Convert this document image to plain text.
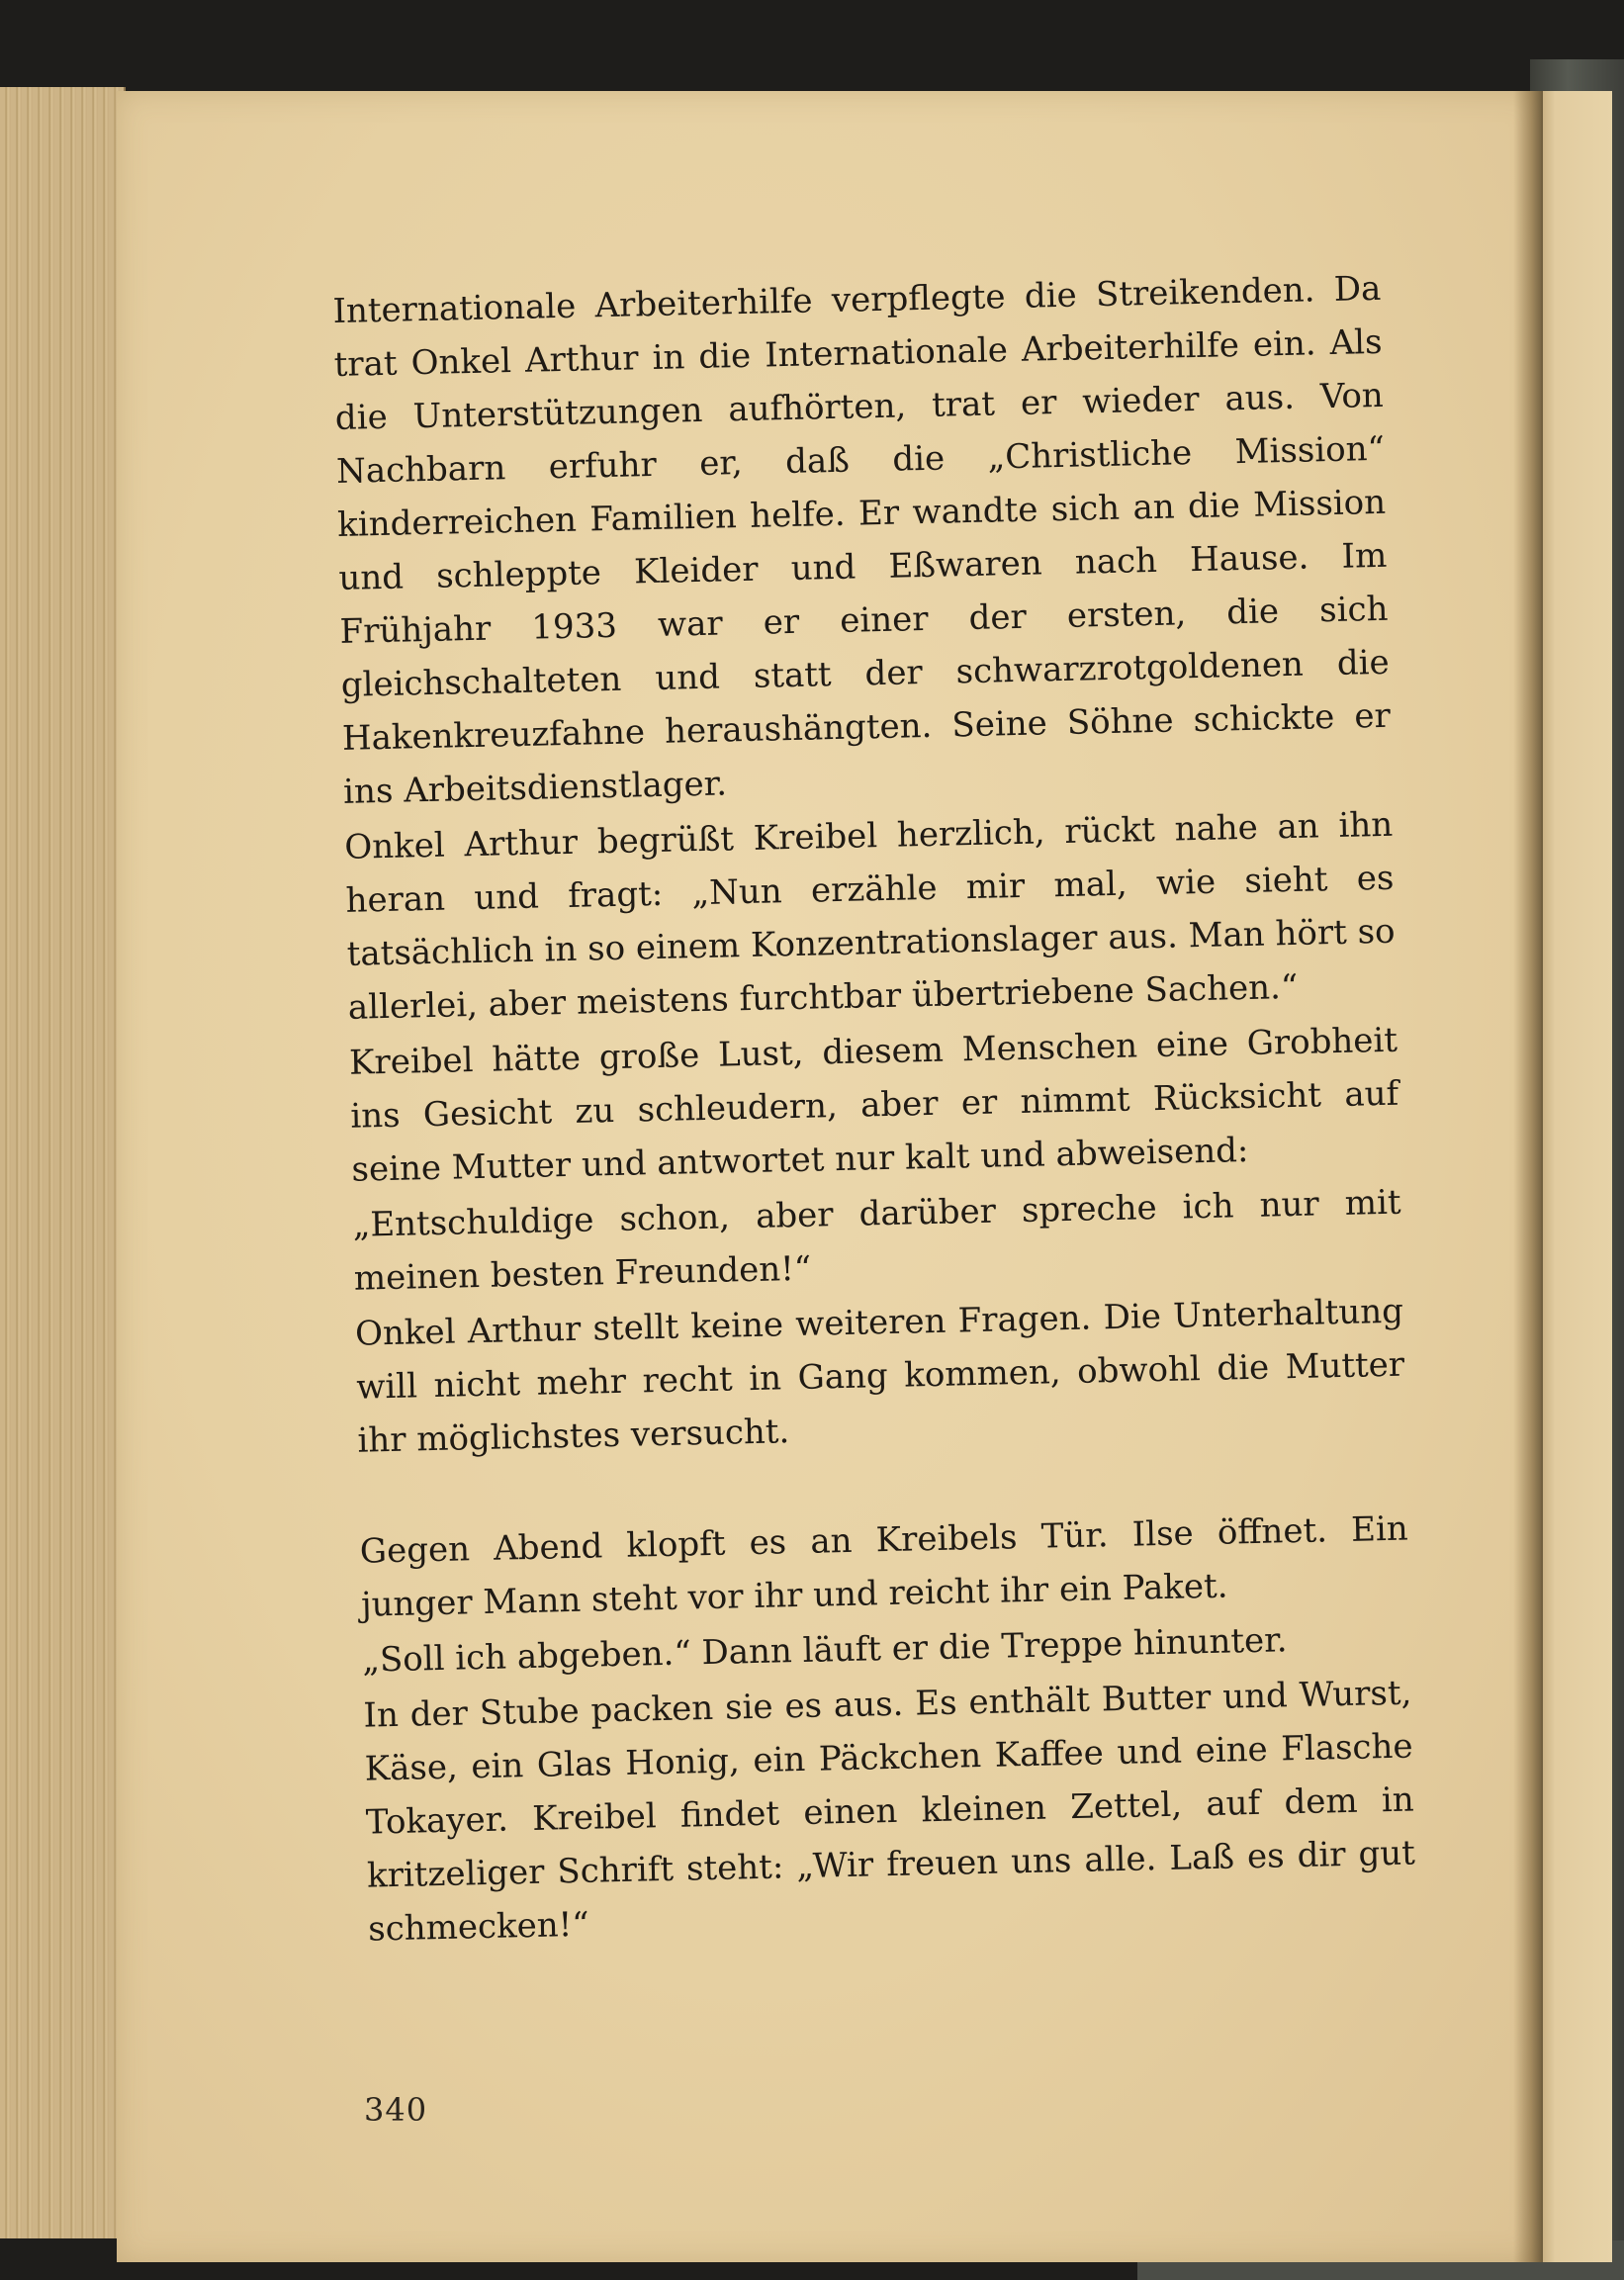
Internationale Arbeiterhilfe verpflegte die Streikenden. Da trat Onkel Arthur in die Internationale Arbeiterhilfe ein. Als die Unterstützungen aufhörten, trat er wieder aus. Von Nachbarn erfuhr er, daß die „Christliche Mission“ kinderreichen Familien helfe. Er wandte sich an die Mission und schleppte Kleider und Eßwaren nach Hause. Im Frühjahr 1933 war er einer der ersten, die sich gleichschalteten und statt der schwarzrotgoldenen die Hakenkreuzfahne heraushängten. Seine Söhne schickte er ins Arbeitsdienstlager.

Onkel Arthur begrüßt Kreibel herzlich, rückt nahe an ihn heran und fragt: „Nun erzähle mir mal, wie sieht es tatsächlich in so einem Konzentrationslager aus. Man hört so allerlei, aber meistens furchtbar übertriebene Sachen.“

Kreibel hätte große Lust, diesem Menschen eine Grobheit ins Gesicht zu schleudern, aber er nimmt Rücksicht auf seine Mutter und antwortet nur kalt und abweisend:

„Entschuldige schon, aber darüber spreche ich nur mit meinen besten Freunden!“

Onkel Arthur stellt keine weiteren Fragen. Die Unterhaltung will nicht mehr recht in Gang kommen, obwohl die Mutter ihr möglichstes versucht.

Gegen Abend klopft es an Kreibels Tür. Ilse öffnet. Ein junger Mann steht vor ihr und reicht ihr ein Paket.

„Soll ich abgeben.“ Dann läuft er die Treppe hinunter.

In der Stube packen sie es aus. Es enthält Butter und Wurst, Käse, ein Glas Honig, ein Päckchen Kaffee und eine Flasche Tokayer. Kreibel findet einen kleinen Zettel, auf dem in kritzeliger Schrift steht: „Wir freuen uns alle. Laß es dir gut schmecken!“

340
